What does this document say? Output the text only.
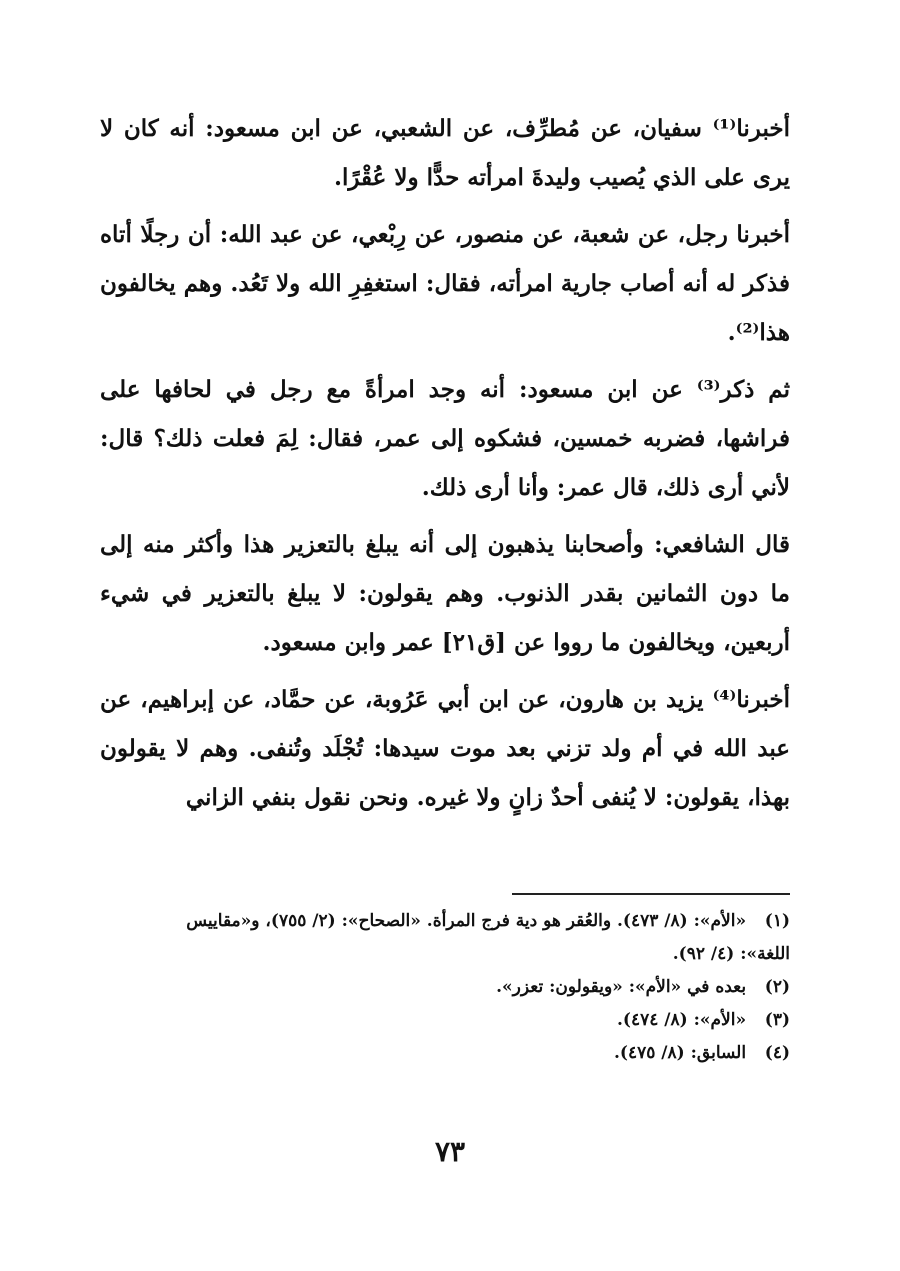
أخبرنا⁽¹⁾ سفيان، عن مُطرِّف، عن الشعبي، عن ابن مسعود: أنه كان لا يرى على الذي يُصيب وليدةَ امرأته حدًّا ولا عُقْرًا.

أخبرنا رجل، عن شعبة، عن منصور، عن رِبْعي، عن عبد الله: أن رجلًا أتاه فذكر له أنه أصاب جارية امرأته، فقال: استغفِرِ الله ولا تَعُد. وهم يخالفون هذا⁽²⁾.

ثم ذكر⁽³⁾ عن ابن مسعود: أنه وجد امرأةً مع رجل في لحافها على فراشها، فضربه خمسين، فشكوه إلى عمر، فقال: لِمَ فعلت ذلك؟ قال: لأني أرى ذلك، قال عمر: وأنا أرى ذلك.

قال الشافعي: وأصحابنا يذهبون إلى أنه يبلغ بالتعزير هذا وأكثر منه إلى ما دون الثمانين بقدر الذنوب. وهم يقولون: لا يبلغ بالتعزير في شيء أربعين، ويخالفون ما رووا عن [ق٢١] عمر وابن مسعود.

أخبرنا⁽⁴⁾ يزيد بن هارون، عن ابن أبي عَرُوبة، عن حمَّاد، عن إبراهيم، عن عبد الله في أم ولد تزني بعد موت سيدها: تُجْلَد وتُنفى. وهم لا يقولون بهذا، يقولون: لا يُنفى أحدٌ زانٍ ولا غيره. ونحن نقول بنفي الزاني

(١) «الأم»: (٨/ ٤٧٣). والعُقر هو دية فرج المرأة. «الصحاح»: (٢/ ٧٥٥)، و«مقاييس

اللغة»: (٤/ ٩٢).

(٢) بعده في «الأم»: «ويقولون: تعزر».

(٣) «الأم»: (٨/ ٤٧٤).

(٤) السابق: (٨/ ٤٧٥).

٧٣
